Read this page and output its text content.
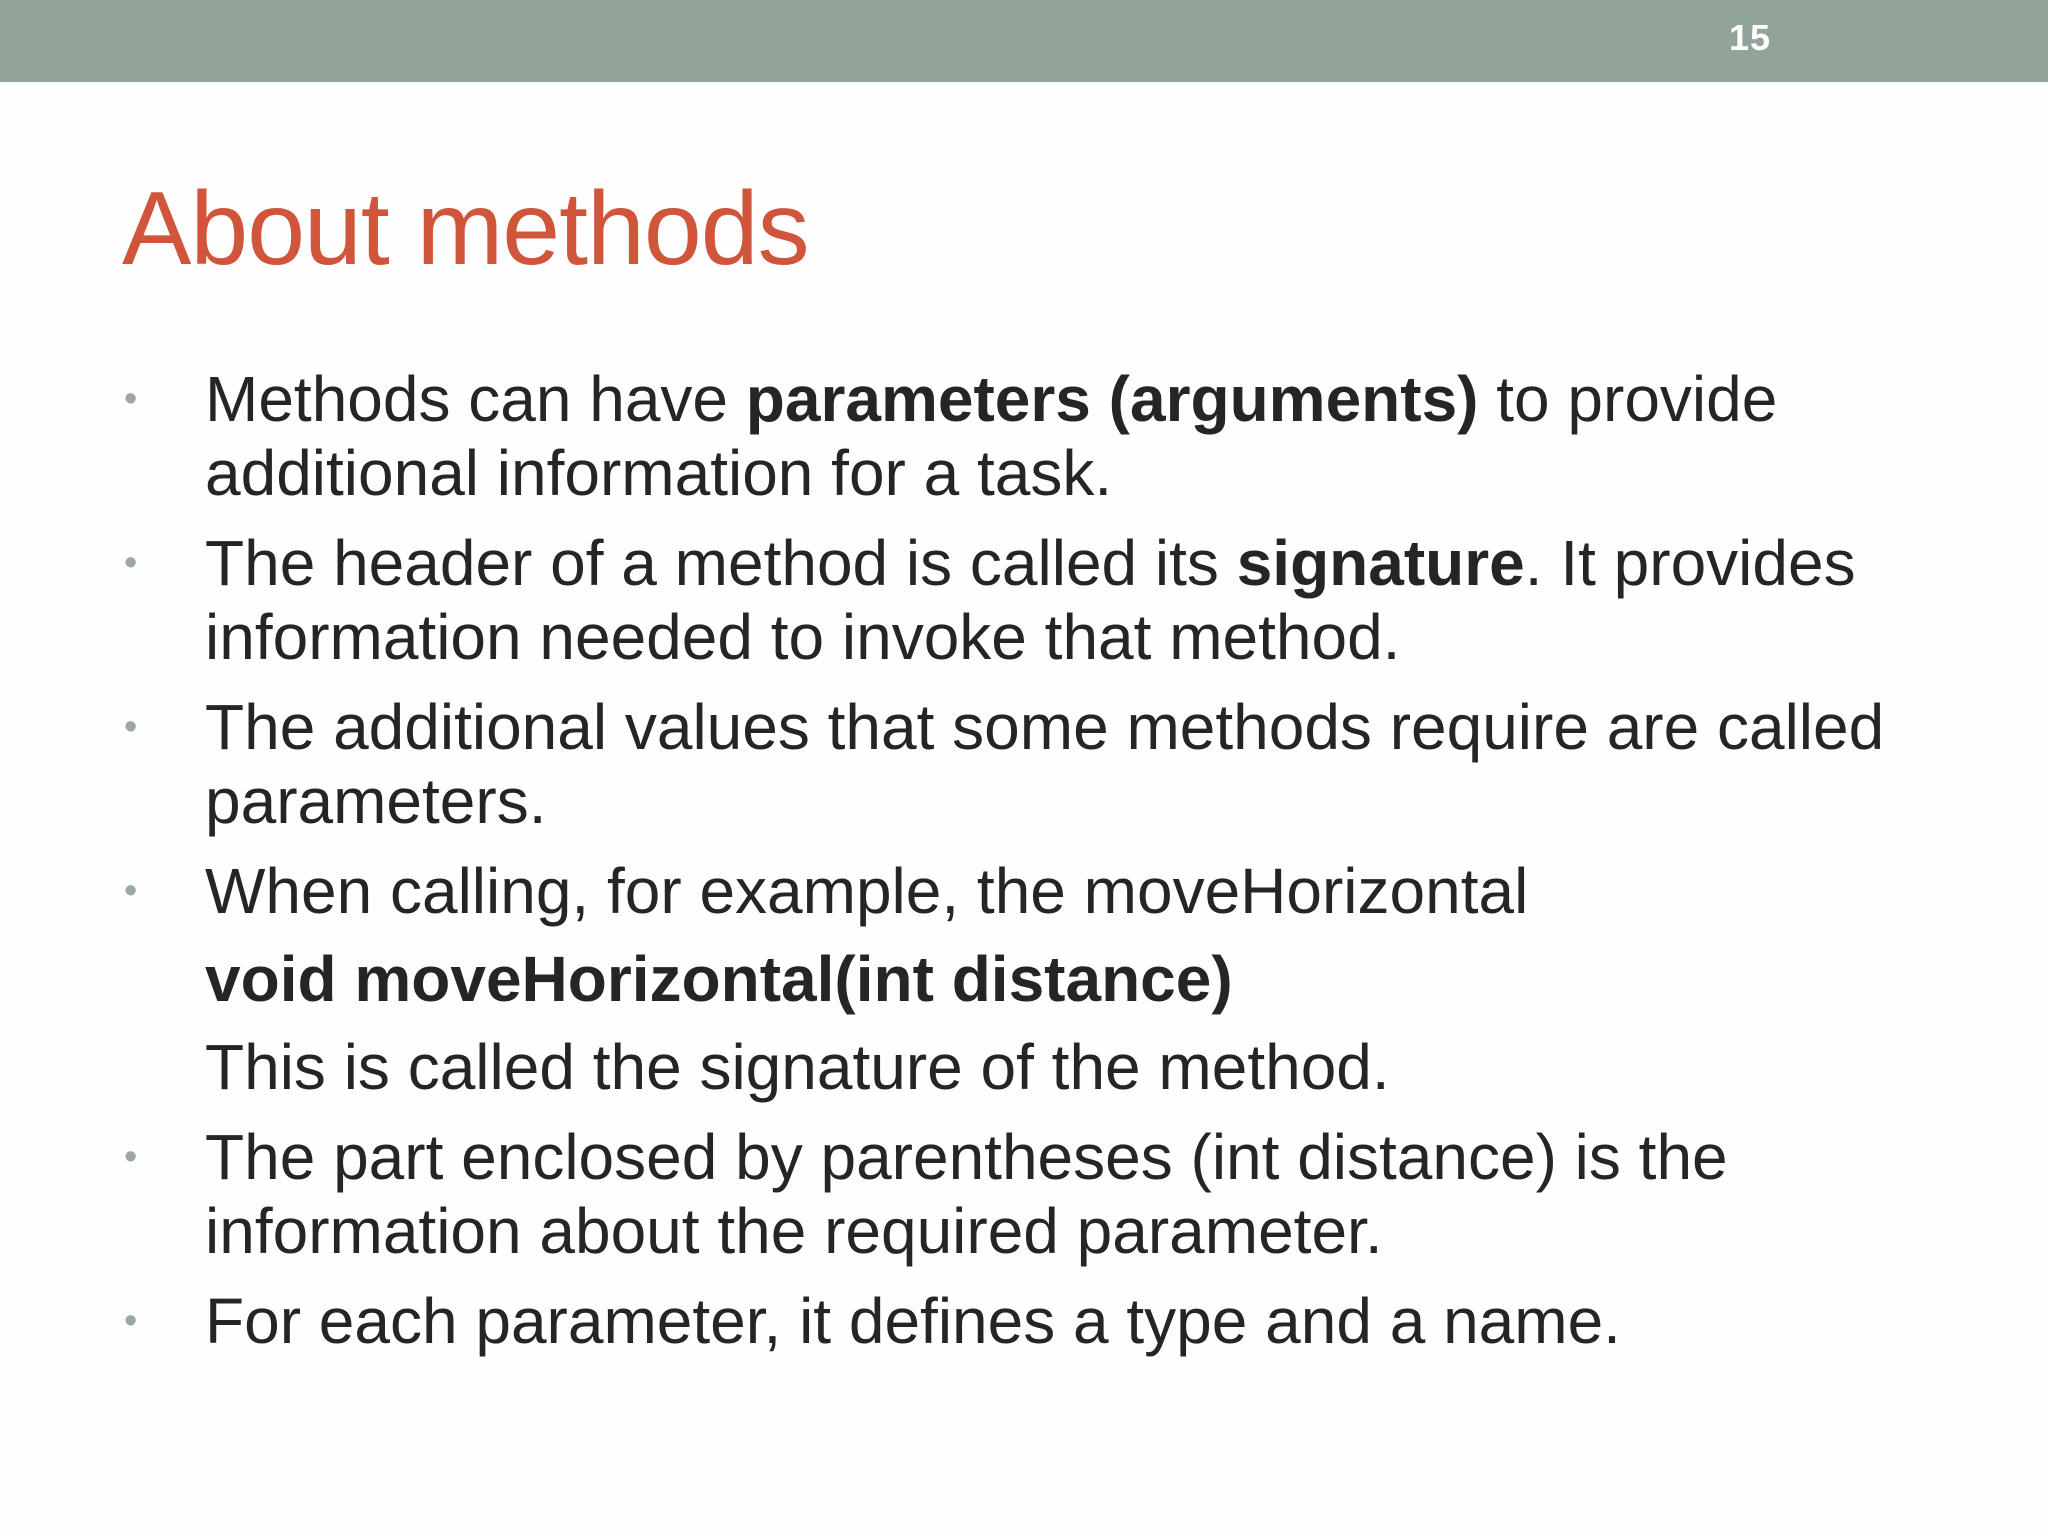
15
About methods
• Methods can have parameters (arguments) to provide additional information for a task.
• The header of a method is called its signature. It provides information needed to invoke that method.
• The additional values that some methods require are called parameters.
• When calling, for example, the moveHorizontal
void moveHorizontal(int distance)
This is called the signature of the method.
• The part enclosed by parentheses (int distance) is the information about the required parameter.
• For each parameter, it defines a type and a name.
